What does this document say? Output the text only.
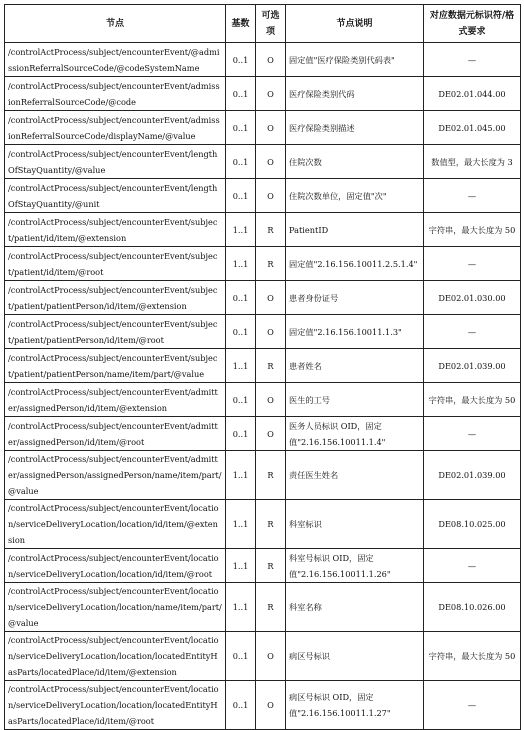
节点	基数	可选项	节点说明	对应数据元标识符/格式要求
/controlActProcess/subject/encounterEvent/@admissionReferralSourceCode/@codeSystemName	0..1	O	固定值"医疗保险类别代码表"	—
/controlActProcess/subject/encounterEvent/admissionReferralSourceCode/@code	0..1	O	医疗保险类别代码	DE02.01.044.00
/controlActProcess/subject/encounterEvent/admissionReferralSourceCode/displayName/@value	0..1	O	医疗保险类别描述	DE02.01.045.00
/controlActProcess/subject/encounterEvent/lengthOfStayQuantity/@value	0..1	O	住院次数	数值型，最大长度为 3
/controlActProcess/subject/encounterEvent/lengthOfStayQuantity/@unit	0..1	O	住院次数单位，固定值"次"	—
/controlActProcess/subject/encounterEvent/subject/patient/id/item/@extension	1..1	R	PatientID	字符串，最大长度为 50
/controlActProcess/subject/encounterEvent/subject/patient/id/item/@root	1..1	R	固定值"2.16.156.10011.2.5.1.4"	—
/controlActProcess/subject/encounterEvent/subject/patient/patientPerson/id/item/@extension	0..1	O	患者身份证号	DE02.01.030.00
/controlActProcess/subject/encounterEvent/subject/patient/patientPerson/id/item/@root	0..1	O	固定值"2.16.156.10011.1.3"	—
/controlActProcess/subject/encounterEvent/subject/patient/patientPerson/name/item/part/@value	1..1	R	患者姓名	DE02.01.039.00
/controlActProcess/subject/encounterEvent/admitter/assignedPerson/id/item/@extension	0..1	O	医生的工号	字符串，最大长度为 50
/controlActProcess/subject/encounterEvent/admitter/assignedPerson/id/item/@root	0..1	O	医务人员标识 OID，固定值"2.16.156.10011.1.4"	—
/controlActProcess/subject/encounterEvent/admitter/assignedPerson/assignedPerson/name/item/part/@value	1..1	R	责任医生姓名	DE02.01.039.00
/controlActProcess/subject/encounterEvent/location/serviceDeliveryLocation/location/id/item/@extension	1..1	R	科室标识	DE08.10.025.00
/controlActProcess/subject/encounterEvent/location/serviceDeliveryLocation/location/id/item/@root	1..1	R	科室号标识 OID，固定值"2.16.156.10011.1.26"	—
/controlActProcess/subject/encounterEvent/location/serviceDeliveryLocation/location/name/item/part/@value	1..1	R	科室名称	DE08.10.026.00
/controlActProcess/subject/encounterEvent/location/serviceDeliveryLocation/location/locatedEntityHasParts/locatedPlace/id/item/@extension	0..1	O	病区号标识	字符串，最大长度为 50
/controlActProcess/subject/encounterEvent/location/serviceDeliveryLocation/location/locatedEntityHasParts/locatedPlace/id/item/@root	0..1	O	病区号标识 OID，固定值"2.16.156.10011.1.27"	—
